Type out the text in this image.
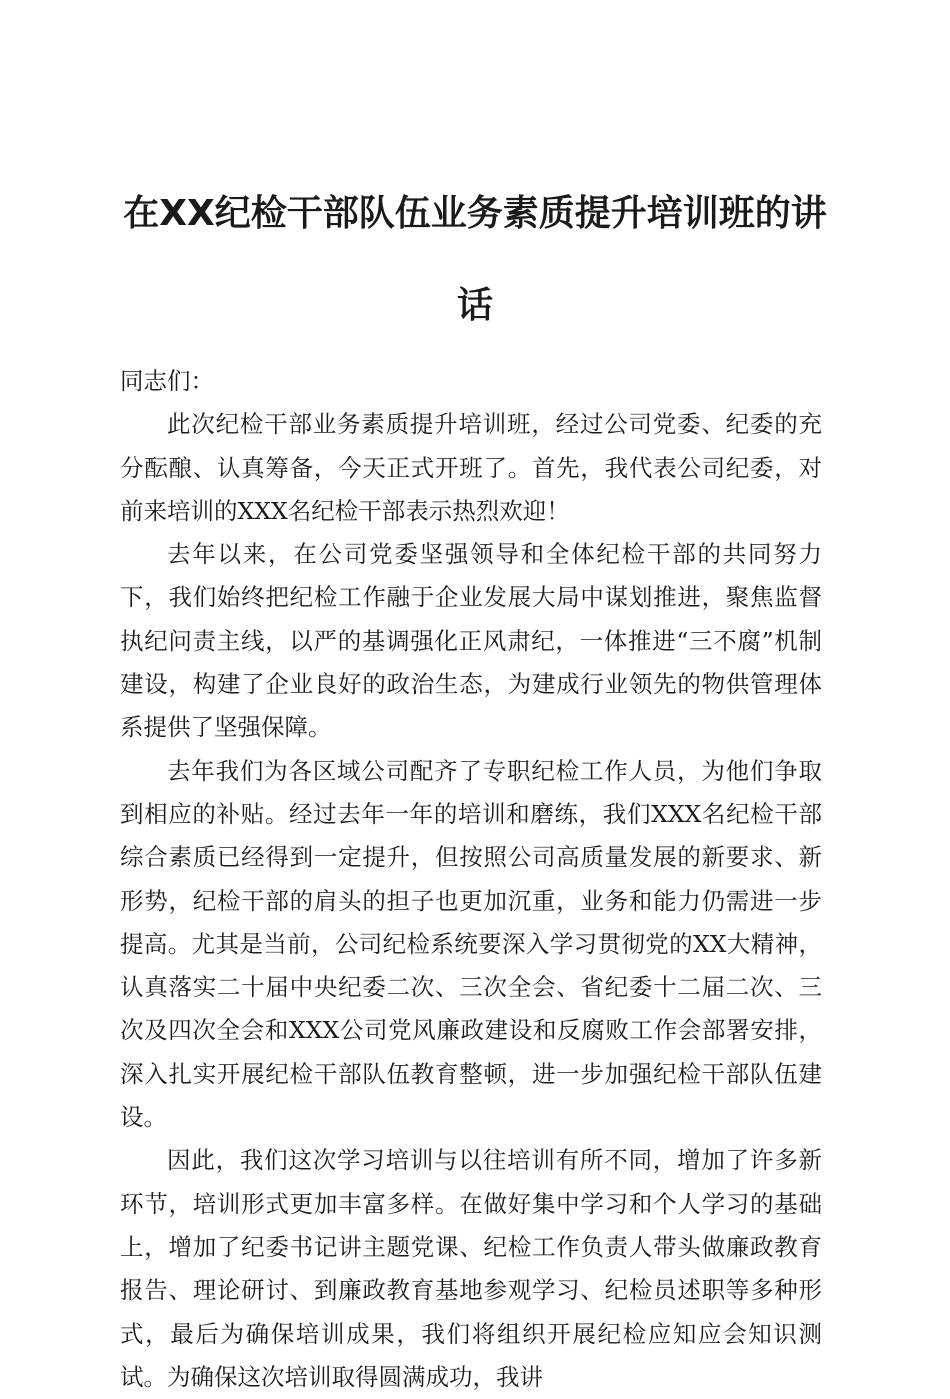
在XX纪检干部队伍业务素质提升培训班的讲话

同志们：

此次纪检干部业务素质提升培训班，经过公司党委、纪委的充分酝酿、认真筹备，今天正式开班了。首先，我代表公司纪委，对前来培训的XXX名纪检干部表示热烈欢迎！

去年以来，在公司党委坚强领导和全体纪检干部的共同努力下，我们始终把纪检工作融于企业发展大局中谋划推进，聚焦监督执纪问责主线，以严的基调强化正风肃纪，一体推进“三不腐”机制建设，构建了企业良好的政治生态，为建成行业领先的物供管理体系提供了坚强保障。

去年我们为各区域公司配齐了专职纪检工作人员，为他们争取到相应的补贴。经过去年一年的培训和磨练，我们XXX名纪检干部综合素质已经得到一定提升，但按照公司高质量发展的新要求、新形势，纪检干部的肩头的担子也更加沉重，业务和能力仍需进一步提高。尤其是当前，公司纪检系统要深入学习贯彻党的XX大精神，认真落实二十届中央纪委二次、三次全会、省纪委十二届二次、三次及四次全会和XXX公司党风廉政建设和反腐败工作会部署安排，深入扎实开展纪检干部队伍教育整顿，进一步加强纪检干部队伍建设。

因此，我们这次学习培训与以往培训有所不同，增加了许多新环节，培训形式更加丰富多样。在做好集中学习和个人学习的基础上，增加了纪委书记讲主题党课、纪检工作负责人带头做廉政教育报告、理论研讨、到廉政教育基地参观学习、纪检员述职等多种形式，最后为确保培训成果，我们将组织开展纪检应知应会知识测试。为确保这次培训取得圆满成功，我讲
